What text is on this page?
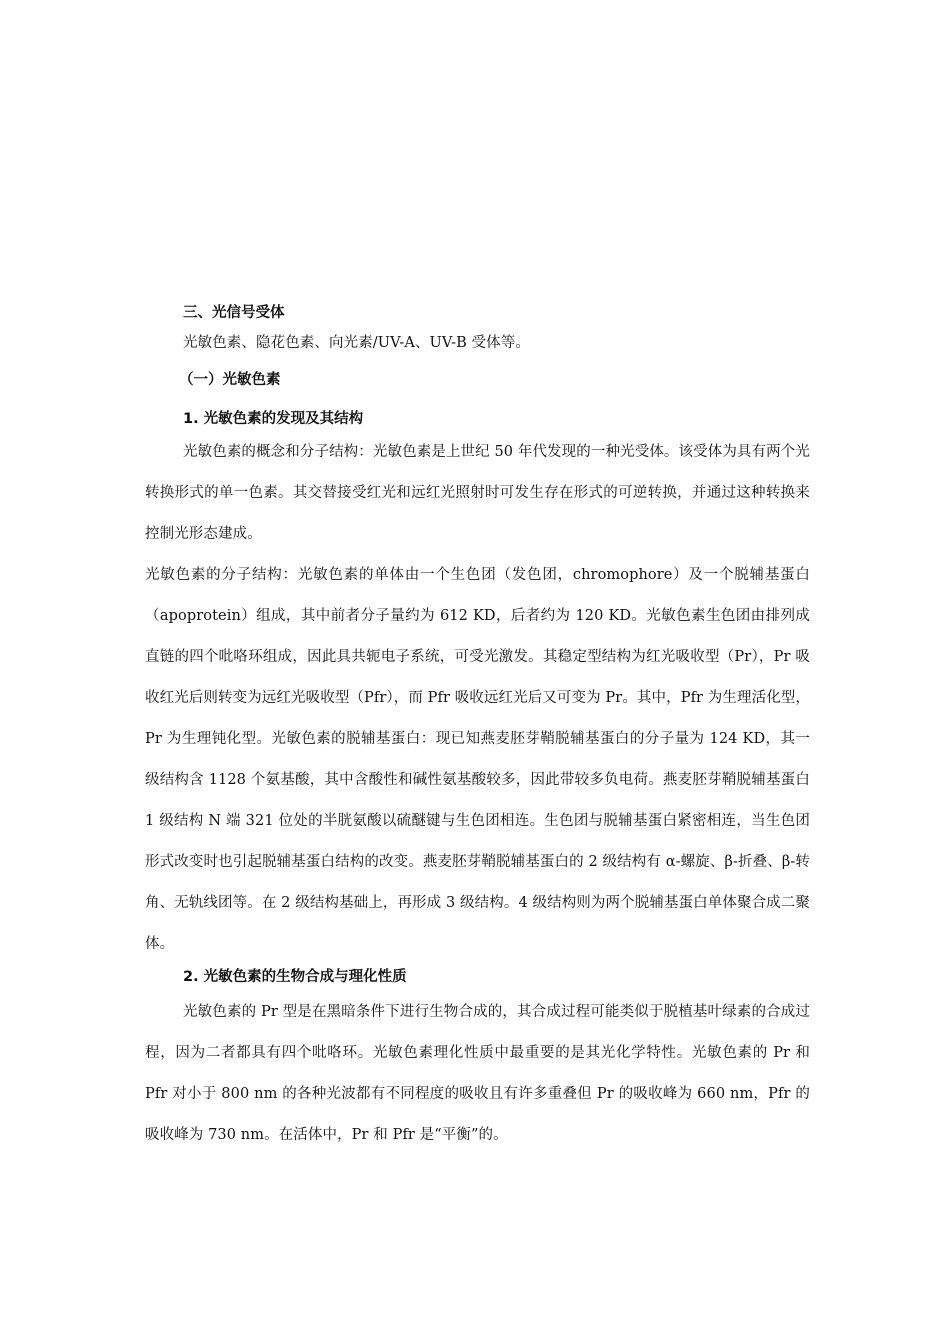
三、光信号受体
光敏色素、隐花色素、向光素/UV-A、UV-B 受体等。
（一）光敏色素
1. 光敏色素的发现及其结构
光敏色素的概念和分子结构：光敏色素是上世纪 50 年代发现的一种光受体。该受体为具有两个光转换形式的单一色素。其交替接受红光和远红光照射时可发生存在形式的可逆转换，并通过这种转换来控制光形态建成。
光敏色素的分子结构：光敏色素的单体由一个生色团（发色团，chromophore）及一个脱辅基蛋白（apoprotein）组成，其中前者分子量约为 612 KD，后者约为 120 KD。光敏色素生色团由排列成直链的四个吡咯环组成，因此具共轭电子系统，可受光激发。其稳定型结构为红光吸收型（Pr），Pr 吸收红光后则转变为远红光吸收型（Pfr），而 Pfr 吸收远红光后又可变为 Pr。其中，Pfr 为生理活化型，Pr 为生理钝化型。光敏色素的脱辅基蛋白：现已知燕麦胚芽鞘脱辅基蛋白的分子量为 124 KD，其一级结构含 1128 个氨基酸，其中含酸性和碱性氨基酸较多，因此带较多负电荷。燕麦胚芽鞘脱辅基蛋白 1 级结构 N 端 321 位处的半胱氨酸以硫醚键与生色团相连。生色团与脱辅基蛋白紧密相连，当生色团形式改变时也引起脱辅基蛋白结构的改变。燕麦胚芽鞘脱辅基蛋白的 2 级结构有 α-螺旋、β-折叠、β-转角、无轨线团等。在 2 级结构基础上，再形成 3 级结构。4 级结构则为两个脱辅基蛋白单体聚合成二聚体。
2. 光敏色素的生物合成与理化性质
光敏色素的 Pr 型是在黑暗条件下进行生物合成的，其合成过程可能类似于脱植基叶绿素的合成过程，因为二者都具有四个吡咯环。光敏色素理化性质中最重要的是其光化学特性。光敏色素的 Pr 和 Pfr 对小于 800 nm 的各种光波都有不同程度的吸收且有许多重叠但 Pr 的吸收峰为 660 nm，Pfr 的吸收峰为 730 nm。在活体中，Pr 和 Pfr 是“平衡”的。
